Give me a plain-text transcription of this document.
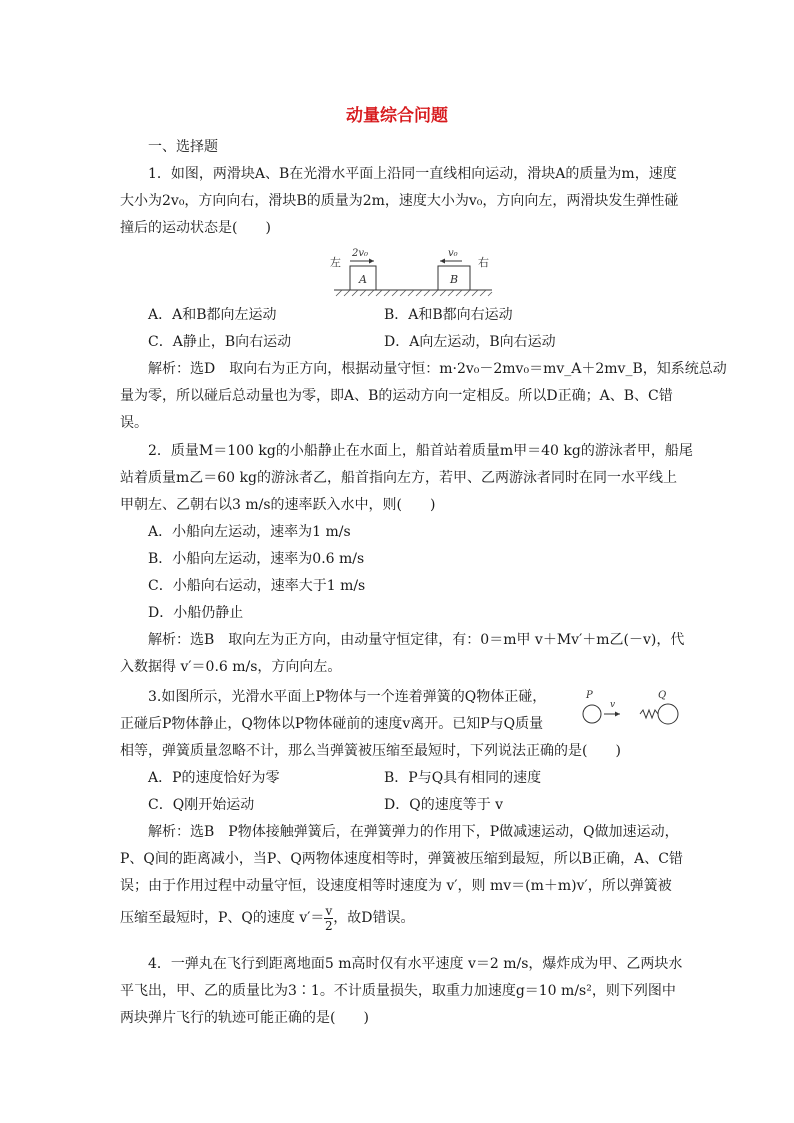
动量综合问题
一、选择题

1．如图，两滑块A、B在光滑水平面上沿同一直线相向运动，滑块A的质量为m，速度

大小为2v₀，方向向右，滑块B的质量为2m，速度大小为v₀，方向向左，两滑块发生弹性碰

撞后的运动状态是(　　)

左	右
2v₀	v₀
A	B
A．A和B都向左运动	B．A和B都向右运动
C．A静止，B向右运动	D．A向左运动，B向右运动

解析：选D　取向右为正方向，根据动量守恒：m·2v₀－2mv₀＝mv_A＋2mv_B，知系统总动

量为零，所以碰后总动量也为零，即A、B的运动方向一定相反。所以D正确；A、B、C错

误。

2．质量M＝100 kg的小船静止在水面上，船首站着质量m甲＝40 kg的游泳者甲，船尾

站着质量m乙＝60 kg的游泳者乙，船首指向左方，若甲、乙两游泳者同时在同一水平线上

甲朝左、乙朝右以3 m/s的速率跃入水中，则(　　)

A．小船向左运动，速率为1 m/s

B．小船向左运动，速率为0.6 m/s

C．小船向右运动，速率大于1 m/s

D．小船仍静止

解析：选B　取向左为正方向，由动量守恒定律，有：0＝m甲 v＋Mv′＋m乙(－v)，代

入数据得 v′＝0.6 m/s，方向向左。

3.如图所示，光滑水平面上P物体与一个连着弹簧的Q物体正碰，

正碰后P物体静止，Q物体以P物体碰前的速度v离开。已知P与Q质量

相等，弹簧质量忽略不计，那么当弹簧被压缩至最短时，下列说法正确的是(　　)

A．P的速度恰好为零	B．P与Q具有相同的速度
C．Q刚开始运动	D．Q的速度等于 v

解析：选B　P物体接触弹簧后，在弹簧弹力的作用下，P做减速运动，Q做加速运动，

P、Q间的距离减小，当P、Q两物体速度相等时，弹簧被压缩到最短，所以B正确，A、C错

误；由于作用过程中动量守恒，设速度相等时速度为 v′，则 mv＝(m＋m)v′，所以弹簧被

压缩至最短时，P、Q的速度 $v'= \frac{v}{2}$ ，故D错误。

P
v
Q

4．一弹丸在飞行到距离地面5 m高时仅有水平速度 v＝2 m/s，爆炸成为甲、乙两块水

平飞出，甲、乙的质量比为3∶1。不计质量损失，取重力加速度g＝10 m/s²，则下列图中

两块弹片飞行的轨迹可能正确的是(　　)
